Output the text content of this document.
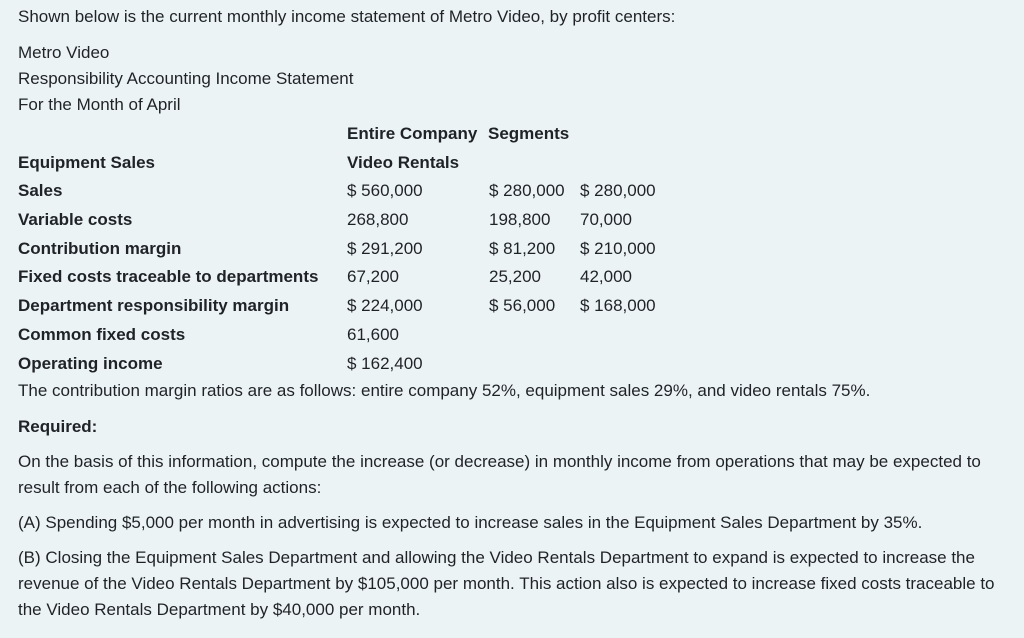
Shown below is the current monthly income statement of Metro Video, by profit centers:
Metro Video
Responsibility Accounting Income Statement
For the Month of April
Entire Company Segments
Equipment Sales	Video Rentals
Sales	$ 560,000	$ 280,000 $ 280,000
Variable costs	268,800	198,800 70,000
Contribution margin	$ 291,200	$ 81,200 $ 210,000
Fixed costs traceable to departments 67,200	25,200 42,000
Department responsibility margin	$ 224,000	$ 56,000 $ 168,000
Common fixed costs	61,600
Operating income	$ 162,400
The contribution margin ratios are as follows: entire company 52%, equipment sales 29%, and video rentals 75%.
Required:
On the basis of this information, compute the increase (or decrease) in monthly income from operations that may be expected to result from each of the following actions:
(A) Spending $5,000 per month in advertising is expected to increase sales in the Equipment Sales Department by 35%.
(B) Closing the Equipment Sales Department and allowing the Video Rentals Department to expand is expected to increase the revenue of the Video Rentals Department by $105,000 per month. This action also is expected to increase fixed costs traceable to the Video Rentals Department by $40,000 per month.
